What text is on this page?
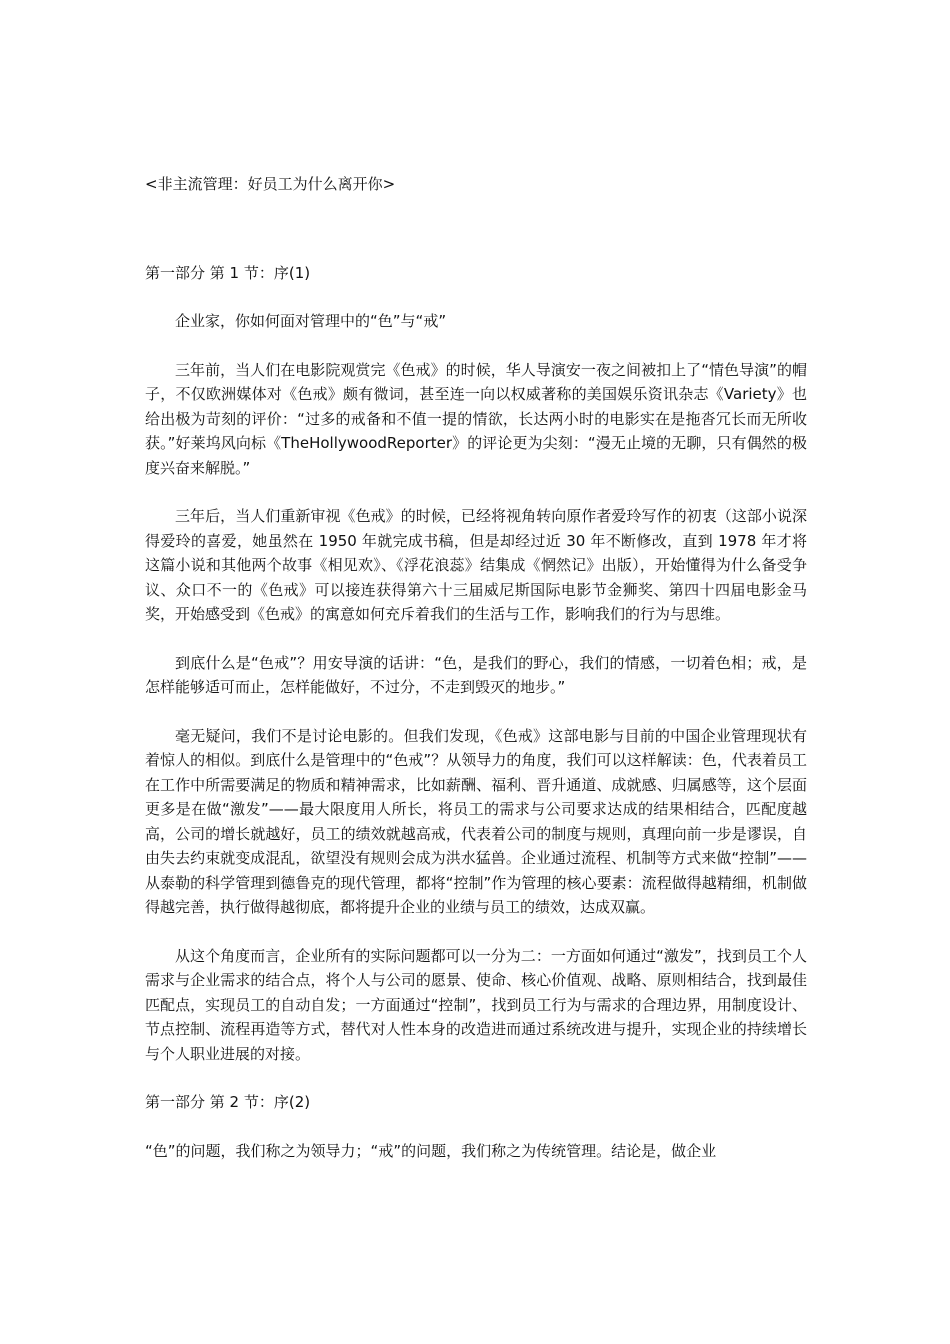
<非主流管理：好员工为什么离开你>

第一部分 第 1 节：序(1)

企业家，你如何面对管理中的“色”与“戒”

三年前，当人们在电影院观赏完《色戒》的时候，华人导演安一夜之间被扣上了“情色导演”的帽子，不仅欧洲媒体对《色戒》颇有微词，甚至连一向以权威著称的美国娱乐资讯杂志《Variety》也给出极为苛刻的评价：“过多的戒备和不值一提的情欲，长达两小时的电影实在是拖沓冗长而无所收获。”好莱坞风向标《TheHollywoodReporter》的评论更为尖刻：“漫无止境的无聊，只有偶然的极度兴奋来解脱。”

三年后，当人们重新审视《色戒》的时候，已经将视角转向原作者爱玲写作的初衷（这部小说深得爱玲的喜爱，她虽然在 1950 年就完成书稿，但是却经过近 30 年不断修改，直到 1978 年才将这篇小说和其他两个故事《相见欢》、《浮花浪蕊》结集成《惘然记》出版），开始懂得为什么备受争议、众口不一的《色戒》可以接连获得第六十三届威尼斯国际电影节金狮奖、第四十四届电影金马奖，开始感受到《色戒》的寓意如何充斥着我们的生活与工作，影响我们的行为与思维。

到底什么是“色戒”？用安导演的话讲：“色，是我们的野心，我们的情感，一切着色相；戒，是怎样能够适可而止，怎样能做好，不过分，不走到毁灭的地步。”

毫无疑问，我们不是讨论电影的。但我们发现，《色戒》这部电影与目前的中国企业管理现状有着惊人的相似。到底什么是管理中的“色戒”？从领导力的角度，我们可以这样解读：色，代表着员工在工作中所需要满足的物质和精神需求，比如薪酬、福利、晋升通道、成就感、归属感等，这个层面更多是在做“激发”——最大限度用人所长，将员工的需求与公司要求达成的结果相结合，匹配度越高，公司的增长就越好，员工的绩效就越高戒，代表着公司的制度与规则，真理向前一步是谬误，自由失去约束就变成混乱，欲望没有规则会成为洪水猛兽。企业通过流程、机制等方式来做“控制”——从泰勒的科学管理到德鲁克的现代管理，都将“控制”作为管理的核心要素：流程做得越精细，机制做得越完善，执行做得越彻底，都将提升企业的业绩与员工的绩效，达成双赢。

从这个角度而言，企业所有的实际问题都可以一分为二：一方面如何通过“激发”，找到员工个人需求与企业需求的结合点，将个人与公司的愿景、使命、核心价值观、战略、原则相结合，找到最佳匹配点，实现员工的自动自发；一方面通过“控制”，找到员工行为与需求的合理边界，用制度设计、节点控制、流程再造等方式，替代对人性本身的改造进而通过系统改进与提升，实现企业的持续增长与个人职业进展的对接。

第一部分 第 2 节：序(2)

“色”的问题，我们称之为领导力；“戒”的问题，我们称之为传统管理。结论是，做企业
